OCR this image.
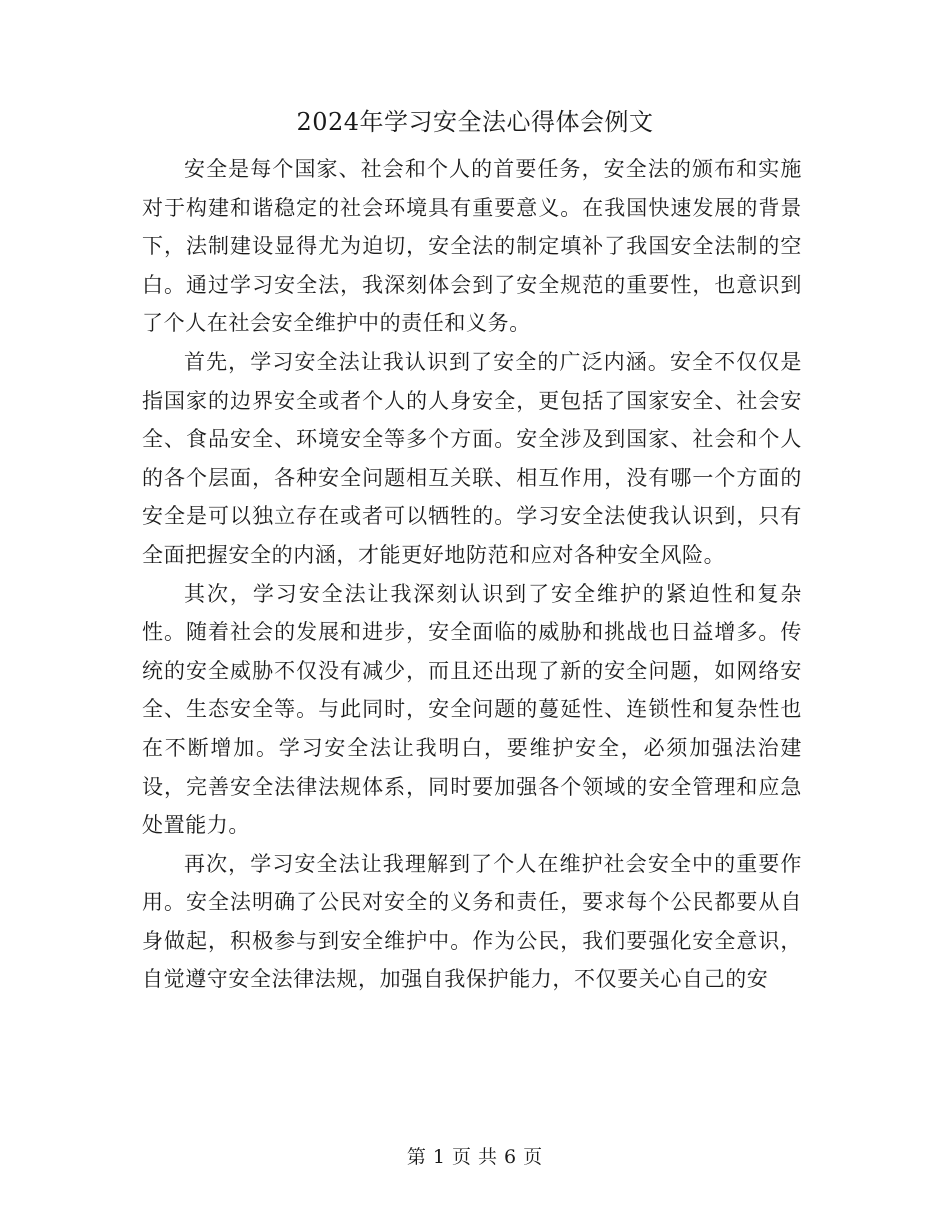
2024年学习安全法心得体会例文

安全是每个国家、社会和个人的首要任务，安全法的颁布和实施对于构建和谐稳定的社会环境具有重要意义。在我国快速发展的背景下，法制建设显得尤为迫切，安全法的制定填补了我国安全法制的空白。通过学习安全法，我深刻体会到了安全规范的重要性，也意识到了个人在社会安全维护中的责任和义务。

首先，学习安全法让我认识到了安全的广泛内涵。安全不仅仅是指国家的边界安全或者个人的人身安全，更包括了国家安全、社会安全、食品安全、环境安全等多个方面。安全涉及到国家、社会和个人的各个层面，各种安全问题相互关联、相互作用，没有哪一个方面的安全是可以独立存在或者可以牺牲的。学习安全法使我认识到，只有全面把握安全的内涵，才能更好地防范和应对各种安全风险。

其次，学习安全法让我深刻认识到了安全维护的紧迫性和复杂性。随着社会的发展和进步，安全面临的威胁和挑战也日益增多。传统的安全威胁不仅没有减少，而且还出现了新的安全问题，如网络安全、生态安全等。与此同时，安全问题的蔓延性、连锁性和复杂性也在不断增加。学习安全法让我明白，要维护安全，必须加强法治建设，完善安全法律法规体系，同时要加强各个领域的安全管理和应急处置能力。

再次，学习安全法让我理解到了个人在维护社会安全中的重要作用。安全法明确了公民对安全的义务和责任，要求每个公民都要从自身做起，积极参与到安全维护中。作为公民，我们要强化安全意识，自觉遵守安全法律法规，加强自我保护能力，不仅要关心自己的安

第 1 页 共 6 页
